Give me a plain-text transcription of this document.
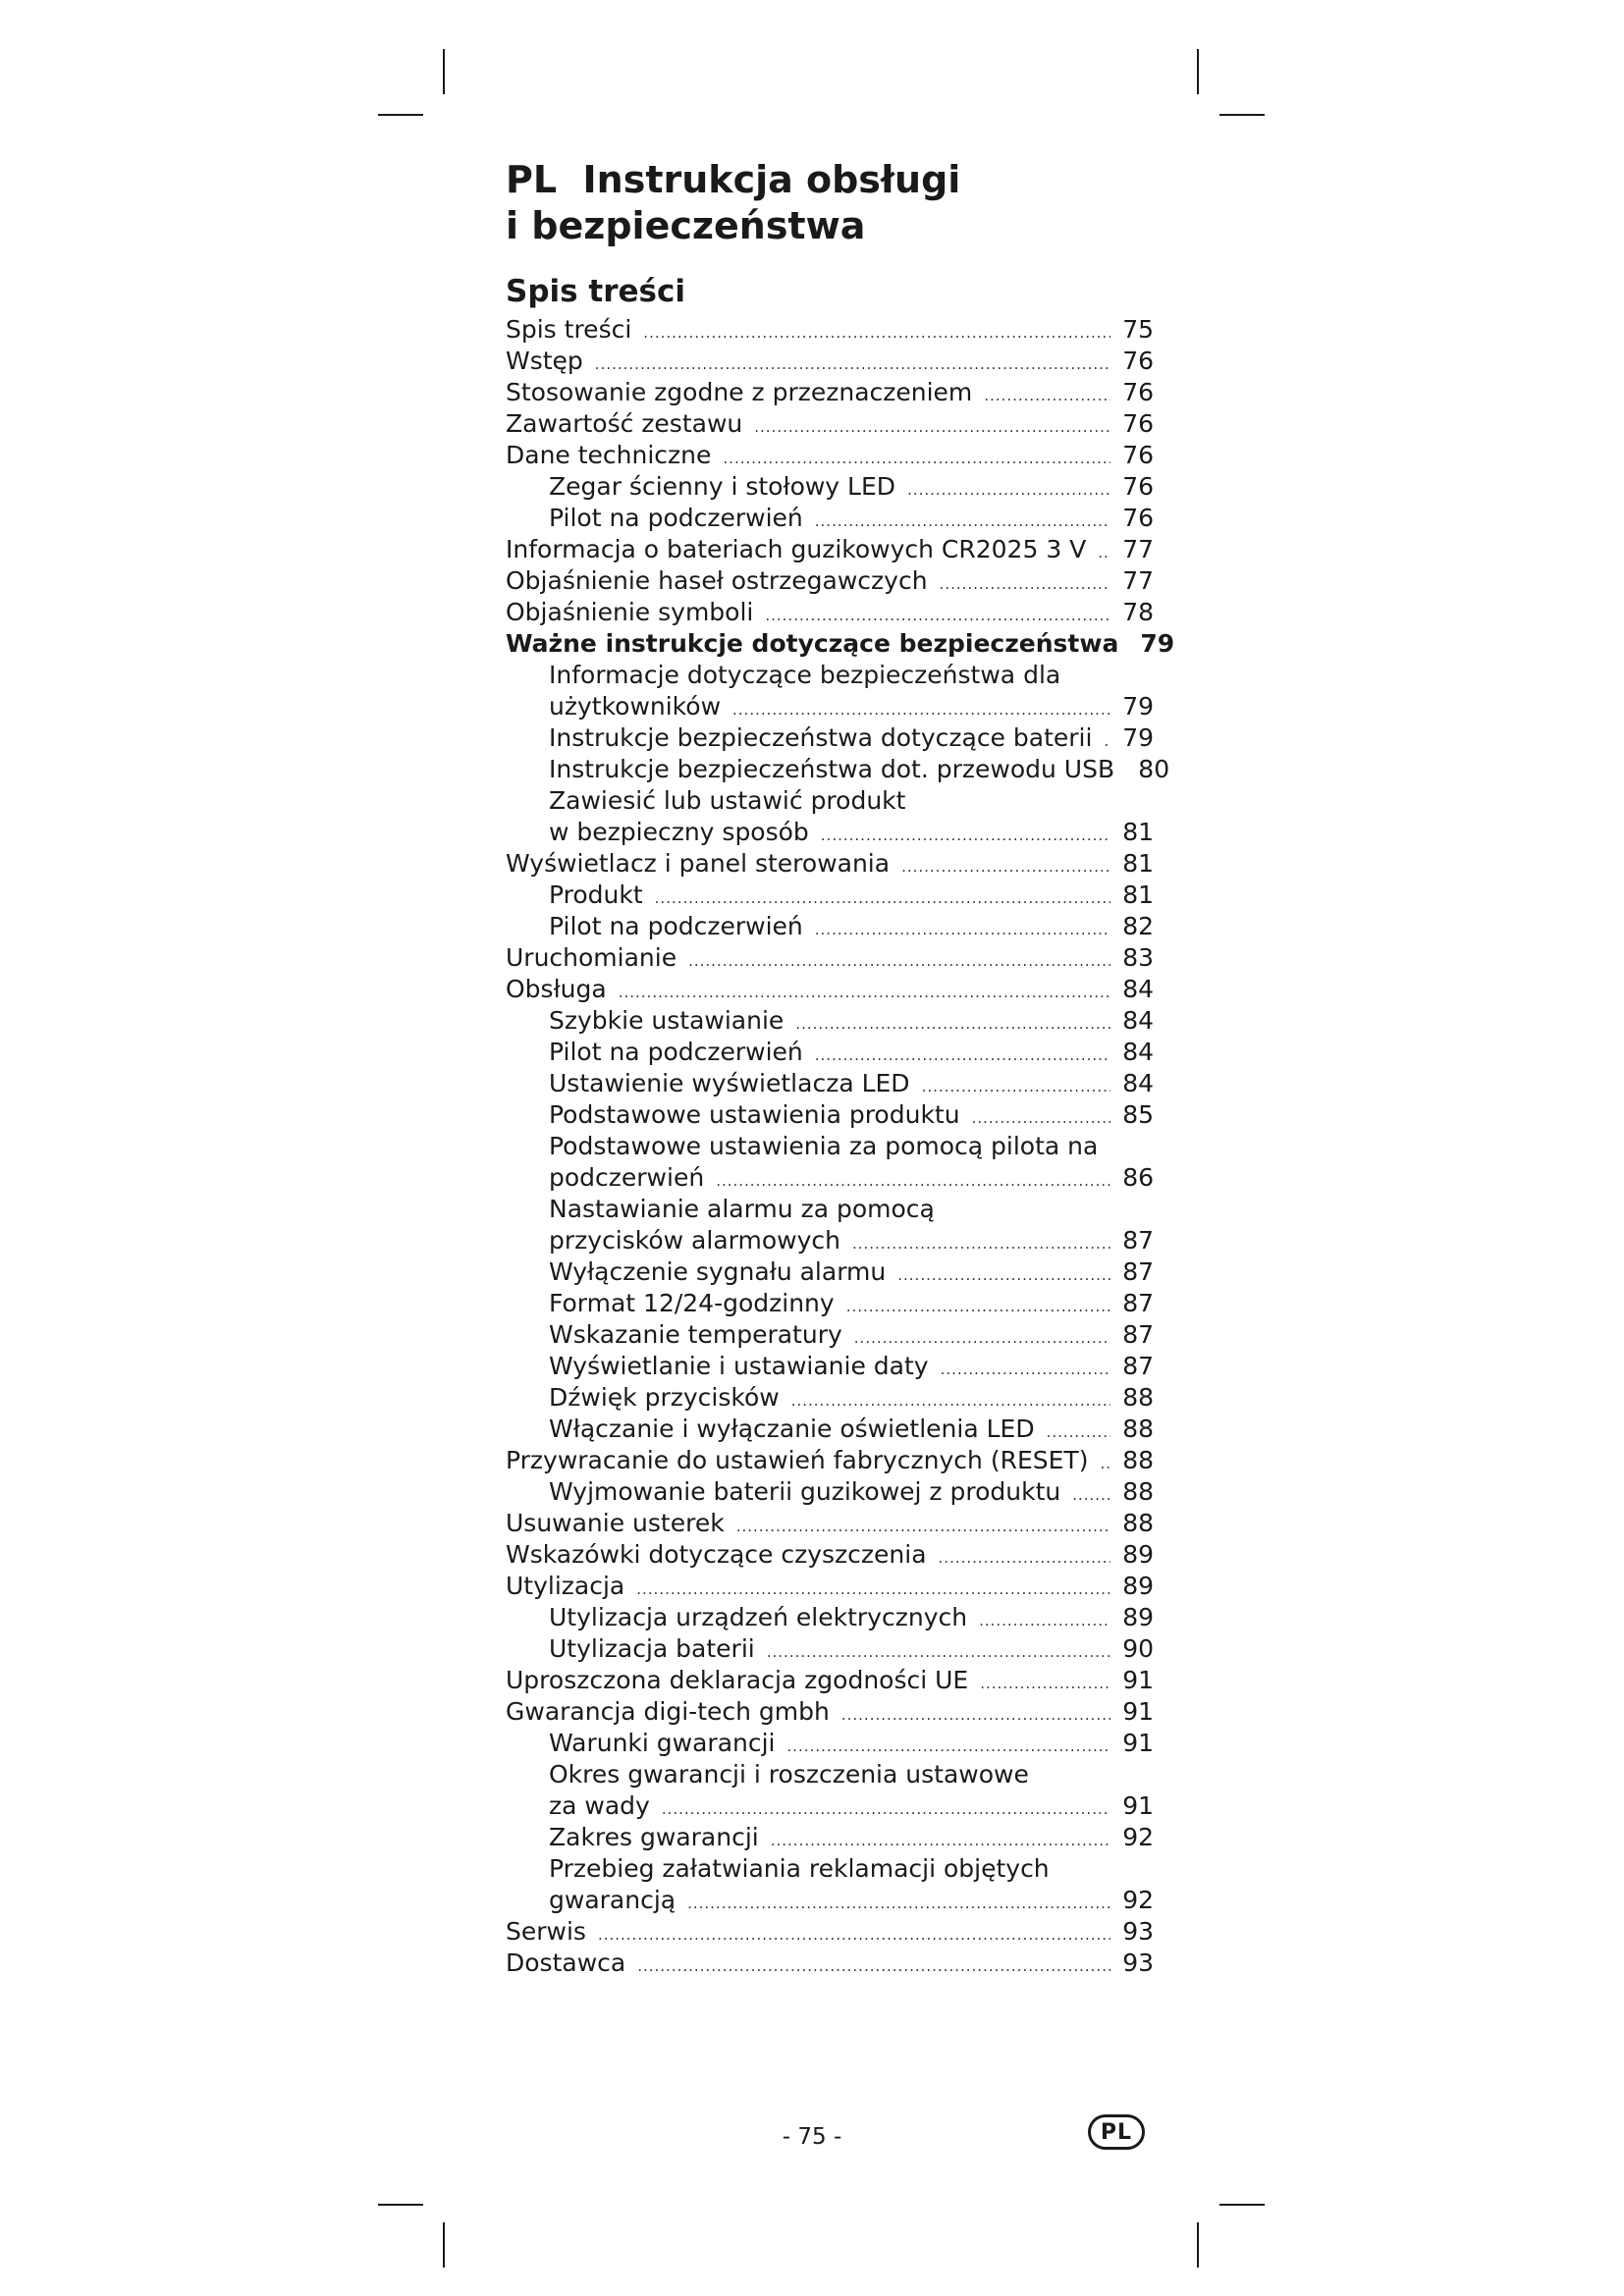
PL  Instrukcja obsługi
i bezpieczeństwa
Spis treści
Spis treści .....	75
Wstęp .....	76
Stosowanie zgodne z przeznaczeniem .....	76
Zawartość zestawu .....	76
Dane techniczne .....	76
Zegar ścienny i stołowy LED .....	76
Pilot na podczerwień .....	76
Informacja o bateriach guzikowych CR2025 3 V ..... 77
Objaśnienie haseł ostrzegawczych .....	77
Objaśnienie symboli .....	78
Ważne instrukcje dotyczące bezpieczeństwa 79
Informacje dotyczące bezpieczeństwa dla
użytkowników .....	79
Instrukcje bezpieczeństwa dotyczące baterii ..... 79
Instrukcje bezpieczeństwa dot. przewodu USB 80
Zawiesić lub ustawić produkt
w bezpieczny sposób .....	81
Wyświetlacz i panel sterowania .....	81
Produkt .....	81
Pilot na podczerwień .....	82
Uruchomianie .....	83
Obsługa .....	84
Szybkie ustawianie .....	84
Pilot na podczerwień .....	84
Ustawienie wyświetlacza LED .....	84
Podstawowe ustawienia produktu .....	85
Podstawowe ustawienia za pomocą pilota na
podczerwień .....	86
Nastawianie alarmu za pomocą
przycisków alarmowych .....	87
Wyłączenie sygnału alarmu .....	87
Format 12/24-godzinny .....	87
Wskazanie temperatury .....	87
Wyświetlanie i ustawianie daty .....	87
Dźwięk przycisków .....	88
Włączanie i wyłączanie oświetlenia LED .....	88
Przywracanie do ustawień fabrycznych (RESET) ..... 88
Wyjmowanie baterii guzikowej z produktu .....	88
Usuwanie usterek .....	88
Wskazówki dotyczące czyszczenia .....	89
Utylizacja .....	89
Utylizacja urządzeń elektrycznych .....	89
Utylizacja baterii .....	90
Uproszczona deklaracja zgodności UE .....	91
Gwarancja digi-tech gmbh .....	91
Warunki gwarancji .....	91
Okres gwarancji i roszczenia ustawowe
za wady .....	91
Zakres gwarancji .....	92
Przebieg załatwiania reklamacji objętych
gwarancją .....	92
Serwis .....	93
Dostawca .....	93
- 75 -	PL
